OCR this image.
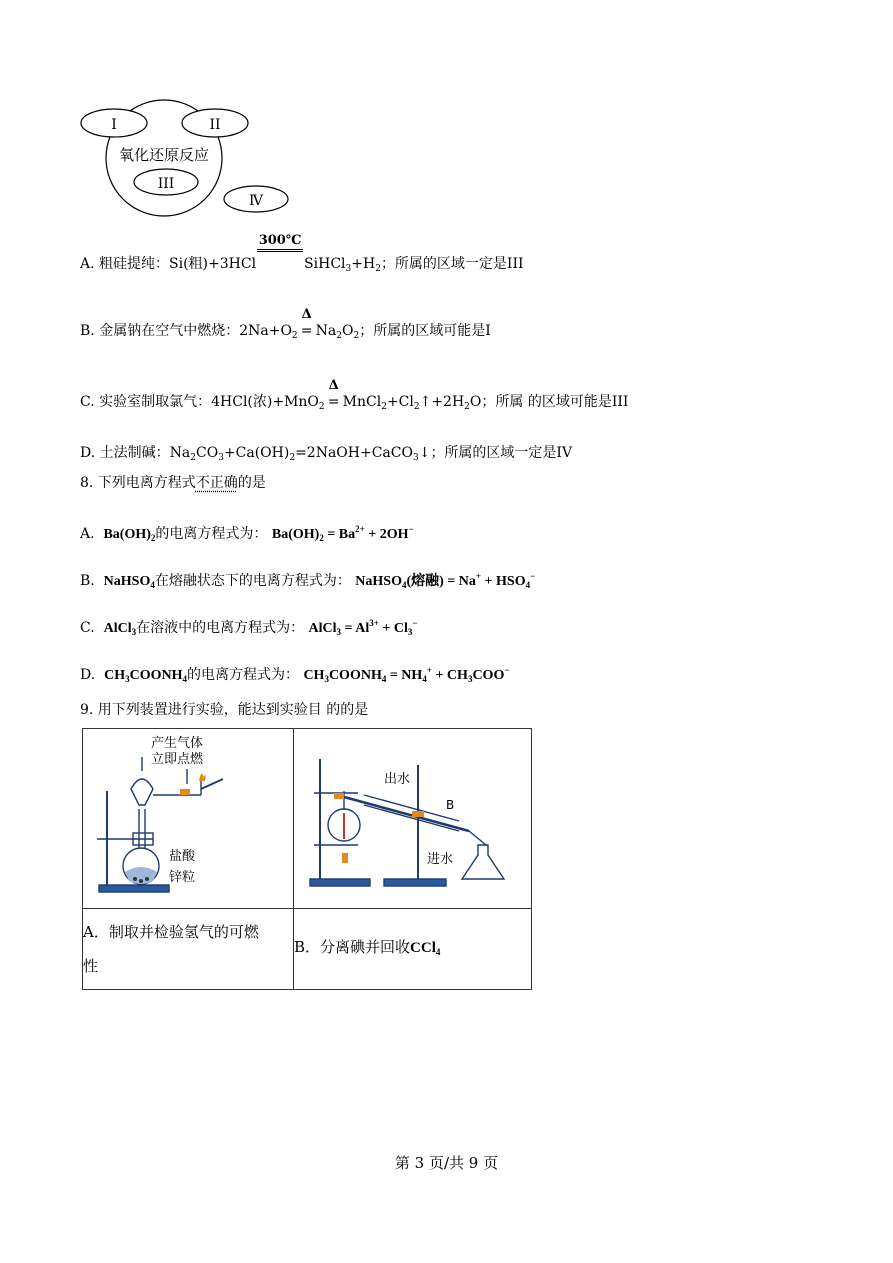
I	II
氧化还原反应
III
Ⅳ
A. 粗硅提纯：Si(粗)+3HCl
300℃
$SiHCl_3+H_2$；所属的区域一定是III
B. 金属钠在空气中燃烧：$2Na+O_2$
Δ
= $Na_2O_2$；所属的区域可能是I
C. 实验室制取氯气：4HCl(浓)+MnO$_2$
Δ
= $MnCl_2+Cl_2↑+2H_2O$；所属 的区域可能是III
D. 土法制碱：$Na_2CO_3+Ca(OH)_2=2NaOH+CaCO_3↓$；所属的区域一定是IV
8. 下列电离方程式不正确的是
A. $Ba(OH)_2$的电离方程式为： $Ba(OH)_2 = Ba^{2+} + 2OH^-$
B. NaHSO$_4$在熔融状态下的电离方程式为： NaHSO$_4$(熔融) = $Na^+ + HSO_4^-$
C. AlCl$_3$在溶液中的电离方程式为： AlCl$_3$ = $Al^{3+} + Cl_3^-$
D. $CH_3COONH_4$的电离方程式为： $CH_3COONH_4 = NH_4^+ + CH_3COO^-$
9. 用下列装置进行实验，能达到实验目 的的是
产生气体
立即点燃
盐酸
锌粒	出水
B
进水

A．制取并检验氢气的可燃
性	B．分离碘并回收CCl$_4$
第 3 页/共 9 页
